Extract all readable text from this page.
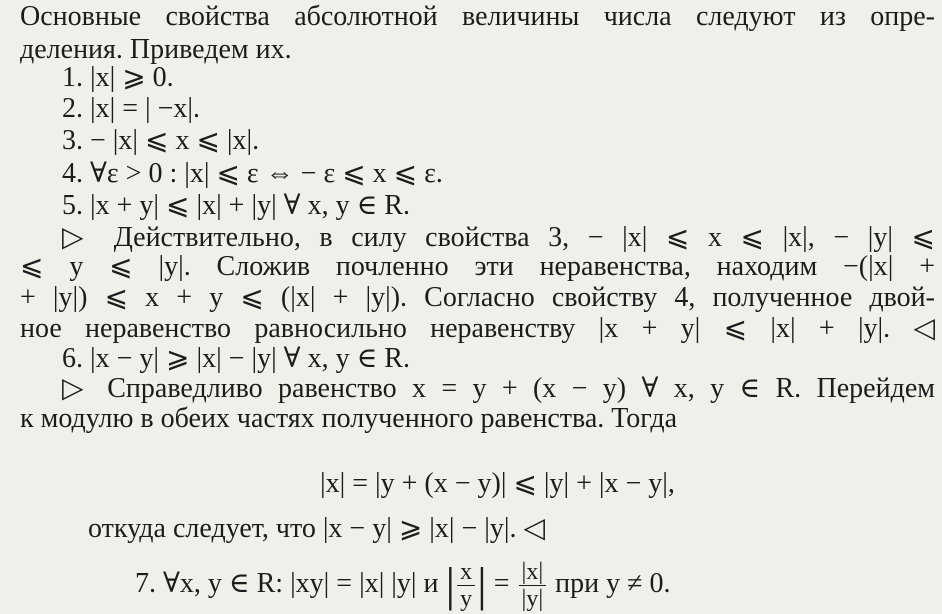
Основные свойства абсолютной величины числа следуют из опре-
деления. Приведем их.
1. |x| ⩾ 0.
2. |x| = | −x|.
3. − |x| ⩽ x ⩽ |x|.
4. ∀ε > 0 : |x| ⩽ ε ⇔ − ε ⩽ x ⩽ ε.
5. |x + y| ⩽ |x| + |y| ∀ x, y ∈ R.
▷ Действительно, в силу свойства 3, − |x| ⩽ x ⩽ |x|, − |y| ⩽
⩽ y ⩽ |y|. Сложив почленно эти неравенства, находим −(|x| +
+ |y|) ⩽ x + y ⩽ (|x| + |y|). Согласно свойству 4, полученное двой-
ное неравенство равносильно неравенству |x + y| ⩽ |x| + |y|. ◁
6. |x − y| ⩾ |x| − |y| ∀ x, y ∈ R.
▷ Справедливо равенство x = y + (x − y) ∀ x, y ∈ R. Перейдем
к модулю в обеих частях полученного равенства. Тогда
|x| = |y + (x − y)| ⩽ |y| + |x − y|,
откуда следует, что |x − y| ⩾ |x| − |y|. ◁
7. ∀x, y ∈ R: |xy| = |x| |y| и | $\frac{x}{y}$ | = $\frac{|x|}{|y|}$ при y ≠ 0.
